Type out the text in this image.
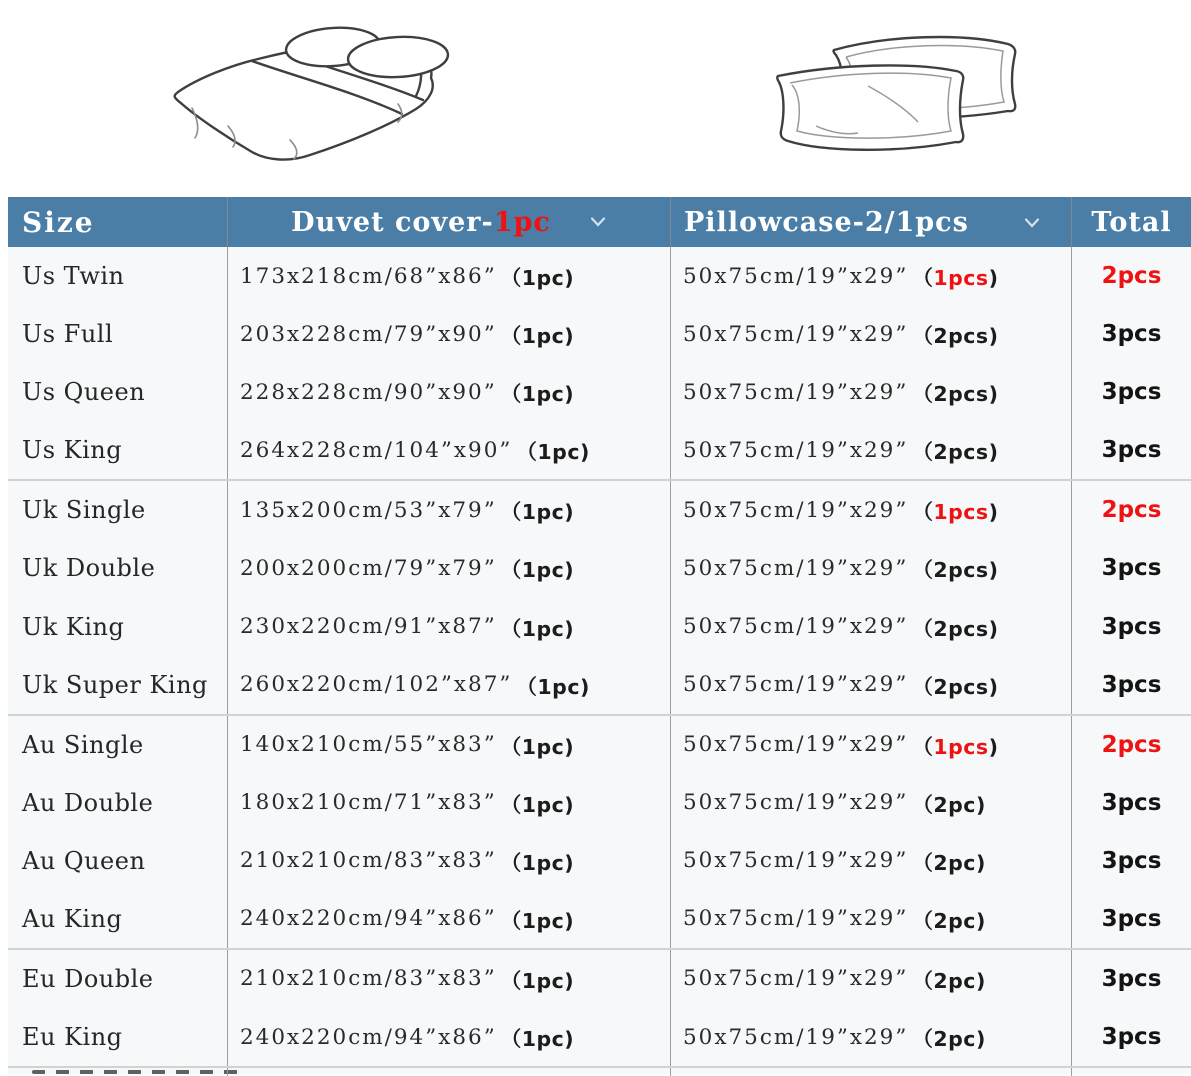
Size	Duvet cover-1pc	Pillowcase-2/1pcs	Total
Us Twin	173x218cm/68”x86” （1pc)	50x75cm/19”x29” （1pcs)	2pcs
Us Full	203x228cm/79”x90” （1pc)	50x75cm/19”x29” （2pcs)	3pcs
Us Queen	228x228cm/90”x90” （1pc)	50x75cm/19”x29” （2pcs)	3pcs
Us King	264x228cm/104”x90” （1pc)	50x75cm/19”x29” （2pcs)	3pcs
Uk Single	135x200cm/53”x79” （1pc)	50x75cm/19”x29” （1pcs)	2pcs
Uk Double	200x200cm/79”x79” （1pc)	50x75cm/19”x29” （2pcs)	3pcs
Uk King	230x220cm/91”x87” （1pc)	50x75cm/19”x29” （2pcs)	3pcs
Uk Super King 260x220cm/102”x87” （1pc)	50x75cm/19”x29” （2pcs)	3pcs
Au Single	140x210cm/55”x83” （1pc)	50x75cm/19”x29” （1pcs)	2pcs
Au Double	180x210cm/71”x83” （1pc)	50x75cm/19”x29” （2pc)	3pcs
Au Queen	210x210cm/83”x83” （1pc)	50x75cm/19”x29” （2pc)	3pcs
Au King	240x220cm/94”x86” （1pc)	50x75cm/19”x29” （2pc)	3pcs
Eu Double	210x210cm/83”x83” （1pc)	50x75cm/19”x29” （2pc)	3pcs
Eu King	240x220cm/94”x86” （1pc)	50x75cm/19”x29” （2pc)	3pcs
